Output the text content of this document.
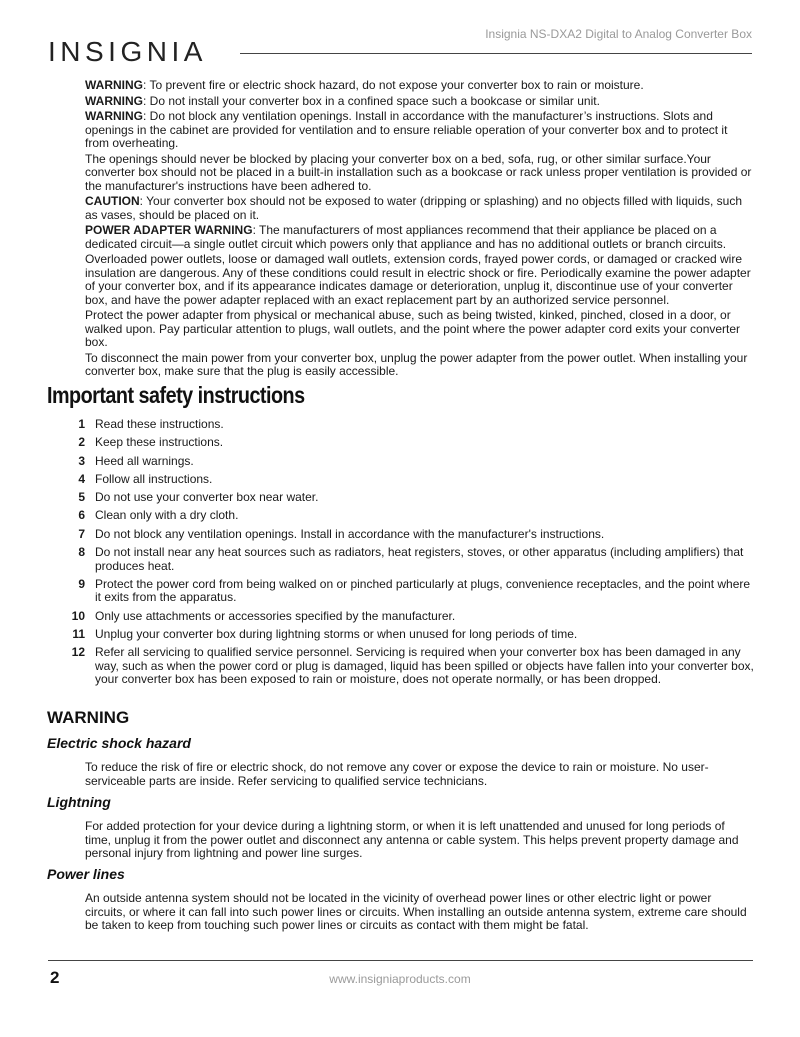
Insignia NS-DXA2 Digital to Analog Converter Box
INSIGNIA

WARNING: To prevent fire or electric shock hazard, do not expose your converter box to rain or moisture.

WARNING: Do not install your converter box in a confined space such a bookcase or similar unit.

WARNING: Do not block any ventilation openings. Install in accordance with the manufacturer’s instructions. Slots and openings in the cabinet are provided for ventilation and to ensure reliable operation of your converter box and to protect it from overheating.

The openings should never be blocked by placing your converter box on a bed, sofa, rug, or other similar surface.Your converter box should not be placed in a built-in installation such as a bookcase or rack unless proper ventilation is provided or the manufacturer's instructions have been adhered to.

CAUTION: Your converter box should not be exposed to water (dripping or splashing) and no objects filled with liquids, such as vases, should be placed on it.

POWER ADAPTER WARNING: The manufacturers of most appliances recommend that their appliance be placed on a dedicated circuit—a single outlet circuit which powers only that appliance and has no additional outlets or branch circuits.

Overloaded power outlets, loose or damaged wall outlets, extension cords, frayed power cords, or damaged or cracked wire insulation are dangerous. Any of these conditions could result in electric shock or fire. Periodically examine the power adapter of your converter box, and if its appearance indicates damage or deterioration, unplug it, discontinue use of your converter box, and have the power adapter replaced with an exact replacement part by an authorized service personnel.

Protect the power adapter from physical or mechanical abuse, such as being twisted, kinked, pinched, closed in a door, or walked upon. Pay particular attention to plugs, wall outlets, and the point where the power adapter cord exits your converter box.

To disconnect the main power from your converter box, unplug the power adapter from the power outlet. When installing your converter box, make sure that the plug is easily accessible.

Important safety instructions
1 Read these instructions.
2 Keep these instructions.
3 Heed all warnings.
4 Follow all instructions.
5 Do not use your converter box near water.
6 Clean only with a dry cloth.
7 Do not block any ventilation openings. Install in accordance with the manufacturer's instructions.
8 Do not install near any heat sources such as radiators, heat registers, stoves, or other apparatus (including amplifiers) that produces heat.
9 Protect the power cord from being walked on or pinched particularly at plugs, convenience receptacles, and the point where it exits from the apparatus.
10 Only use attachments or accessories specified by the manufacturer.
11 Unplug your converter box during lightning storms or when unused for long periods of time.
12 Refer all servicing to qualified service personnel. Servicing is required when your converter box has been damaged in any way, such as when the power cord or plug is damaged, liquid has been spilled or objects have fallen into your converter box, your converter box has been exposed to rain or moisture, does not operate normally, or has been dropped.
WARNING
Electric shock hazard

To reduce the risk of fire or electric shock, do not remove any cover or expose the device to rain or moisture. No user-serviceable parts are inside. Refer servicing to qualified service technicians.

Lightning

For added protection for your device during a lightning storm, or when it is left unattended and unused for long periods of time, unplug it from the power outlet and disconnect any antenna or cable system. This helps prevent property damage and personal injury from lightning and power line surges.

Power lines

An outside antenna system should not be located in the vicinity of overhead power lines or other electric light or power circuits, or where it can fall into such power lines or circuits. When installing an outside antenna system, extreme care should be taken to keep from touching such power lines or circuits as contact with them might be fatal.

2	www.insigniaproducts.com
